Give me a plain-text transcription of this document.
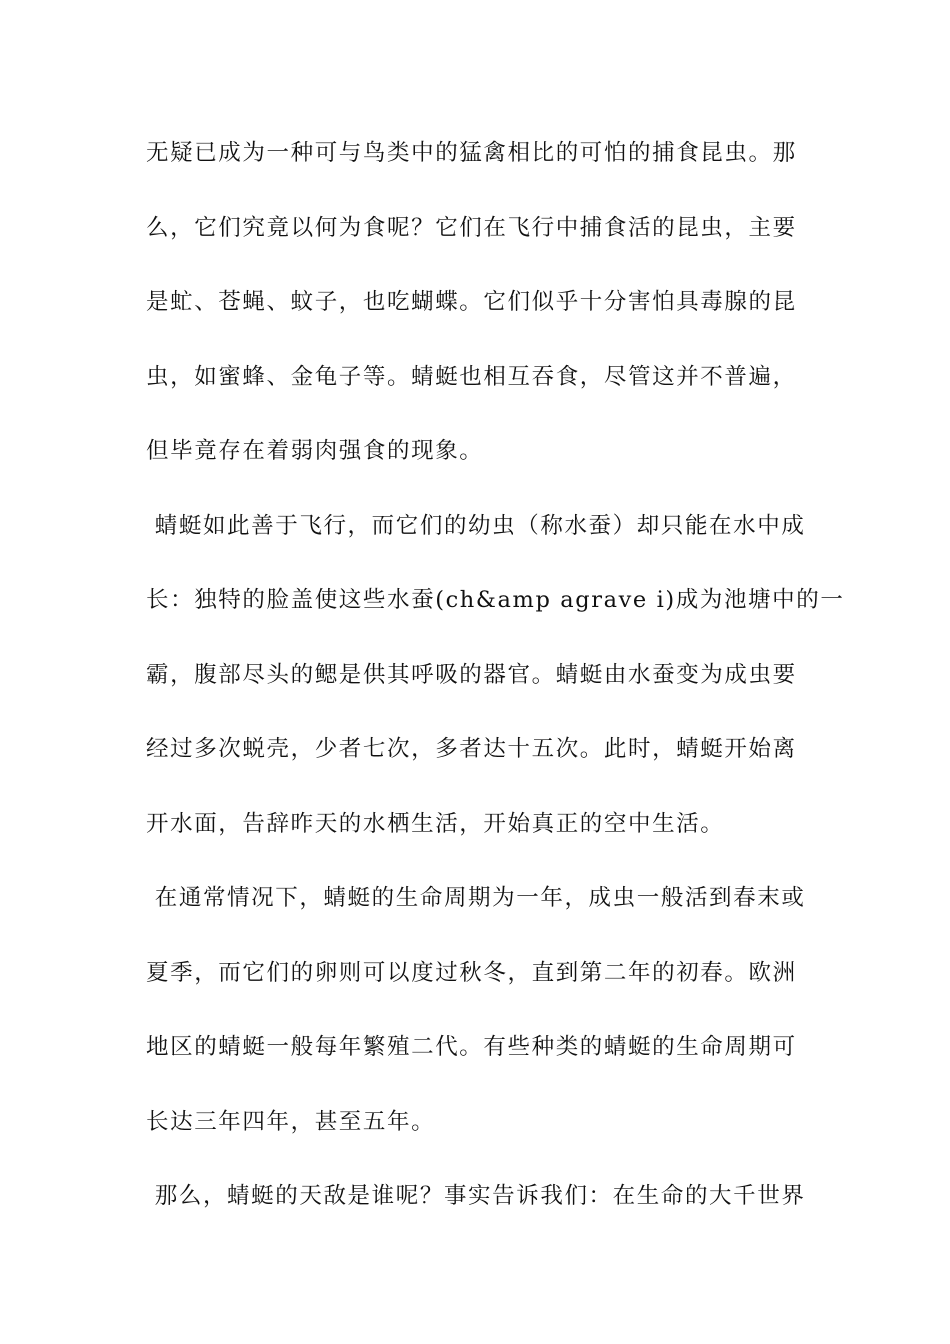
无疑已成为一种可与鸟类中的猛禽相比的可怕的捕食昆虫。那
么，它们究竟以何为食呢？它们在飞行中捕食活的昆虫，主要
是虻、苍蝇、蚊子，也吃蝴蝶。它们似乎十分害怕具毒腺的昆
虫，如蜜蜂、金龟子等。蜻蜓也相互吞食，尽管这并不普遍，
但毕竟存在着弱肉强食的现象。
蜻蜓如此善于飞行，而它们的幼虫（称水蚕）却只能在水中成
长：独特的脸盖使这些水蚕(ch&amp agrave i)成为池塘中的一
霸，腹部尽头的鳃是供其呼吸的器官。蜻蜓由水蚕变为成虫要
经过多次蜕壳，少者七次，多者达十五次。此时，蜻蜓开始离
开水面，告辞昨天的水栖生活，开始真正的空中生活。
在通常情况下，蜻蜓的生命周期为一年，成虫一般活到春末或
夏季，而它们的卵则可以度过秋冬，直到第二年的初春。欧洲
地区的蜻蜓一般每年繁殖二代。有些种类的蜻蜓的生命周期可
长达三年四年，甚至五年。
那么，蜻蜓的天敌是谁呢？事实告诉我们：在生命的大千世界
